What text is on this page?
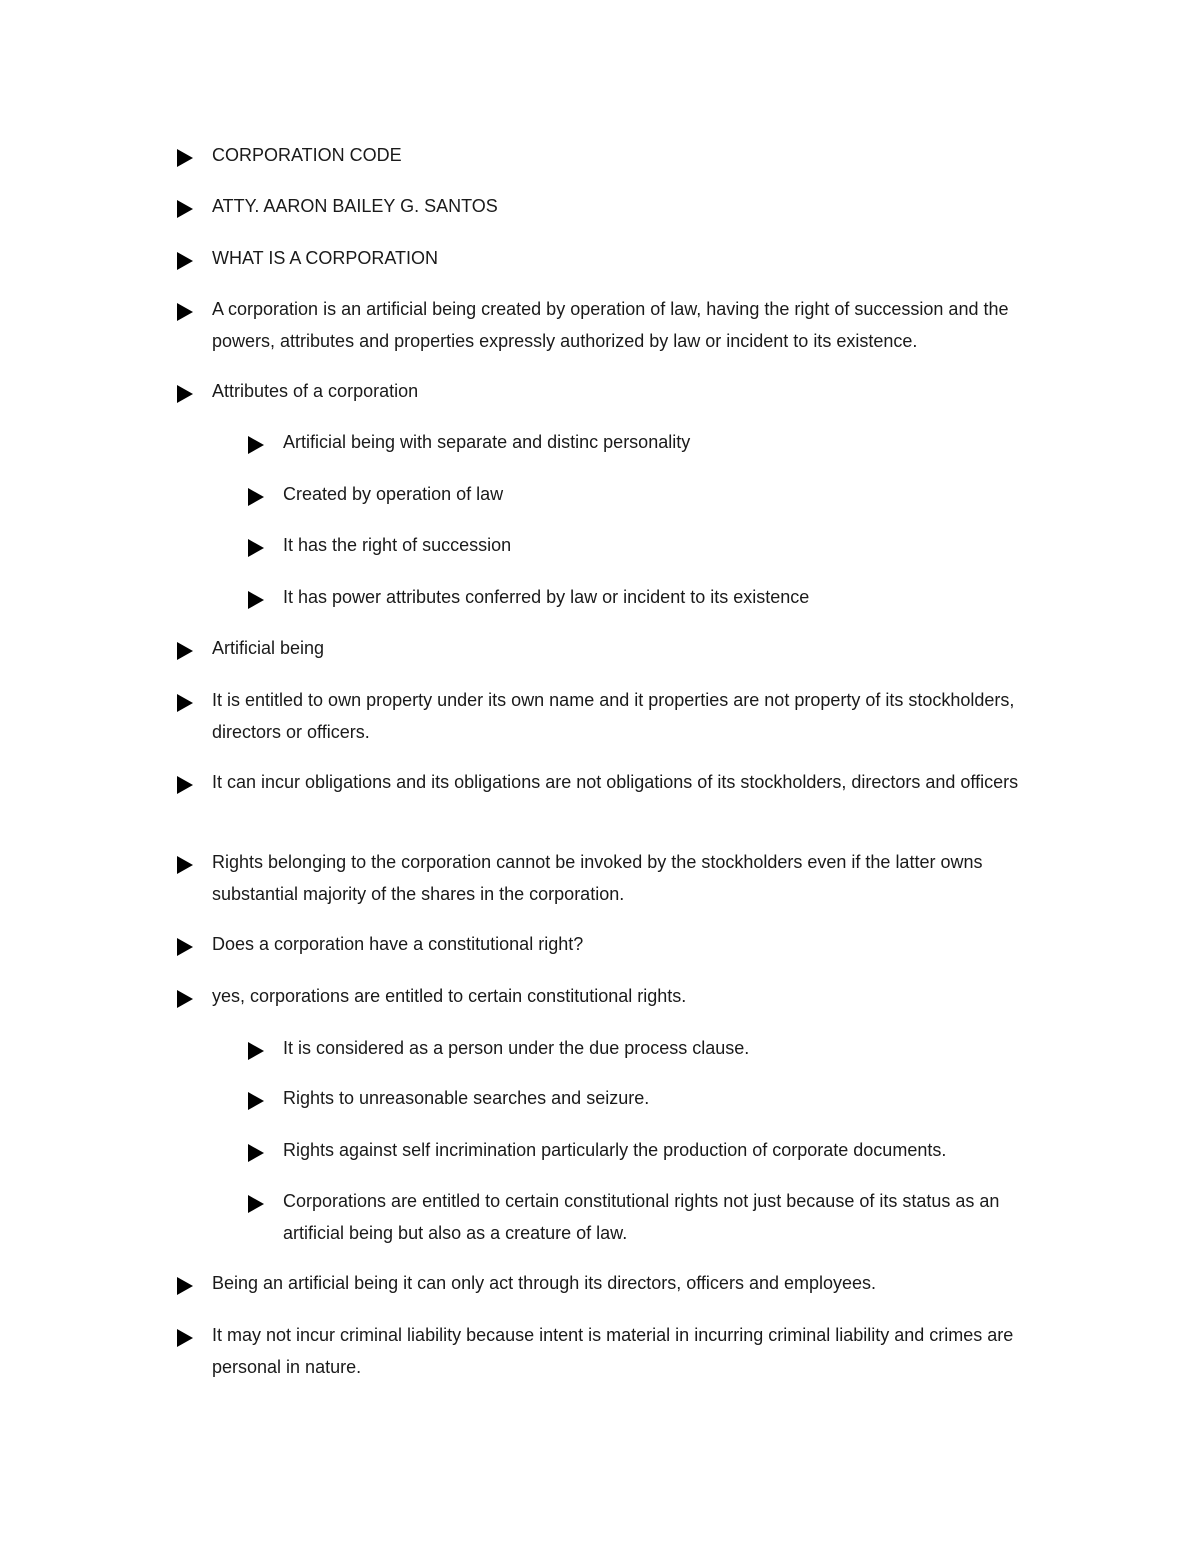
CORPORATION CODE
ATTY. AARON BAILEY G. SANTOS
WHAT IS A CORPORATION
A corporation is an artificial being created by operation of law, having the right of succession and the powers, attributes and properties expressly authorized by law or incident to its existence.
Attributes of a corporation
Artificial being with separate and distinc personality
Created by operation of law
It has the right of succession
It has power attributes conferred by law or incident to its existence
Artificial being
It is entitled to own property under its own name and it properties are not property of its stockholders, directors or officers.
It can incur obligations and its obligations are not obligations of its stockholders, directors and officers
Rights belonging to the corporation cannot be invoked by the stockholders even if the latter owns substantial majority of the shares in the corporation.
Does a corporation have a constitutional right?
yes, corporations are entitled to certain constitutional rights.
It is considered as a person under the due process clause.
Rights to unreasonable searches and seizure.
Rights against self incrimination particularly the production of corporate documents.
Corporations are entitled to certain constitutional rights not just because of its status as an artificial being but also as a creature of law.
Being an artificial being it can only act through its directors, officers and employees.
It may not incur criminal liability because intent is material in incurring criminal liability and crimes are personal in nature.
